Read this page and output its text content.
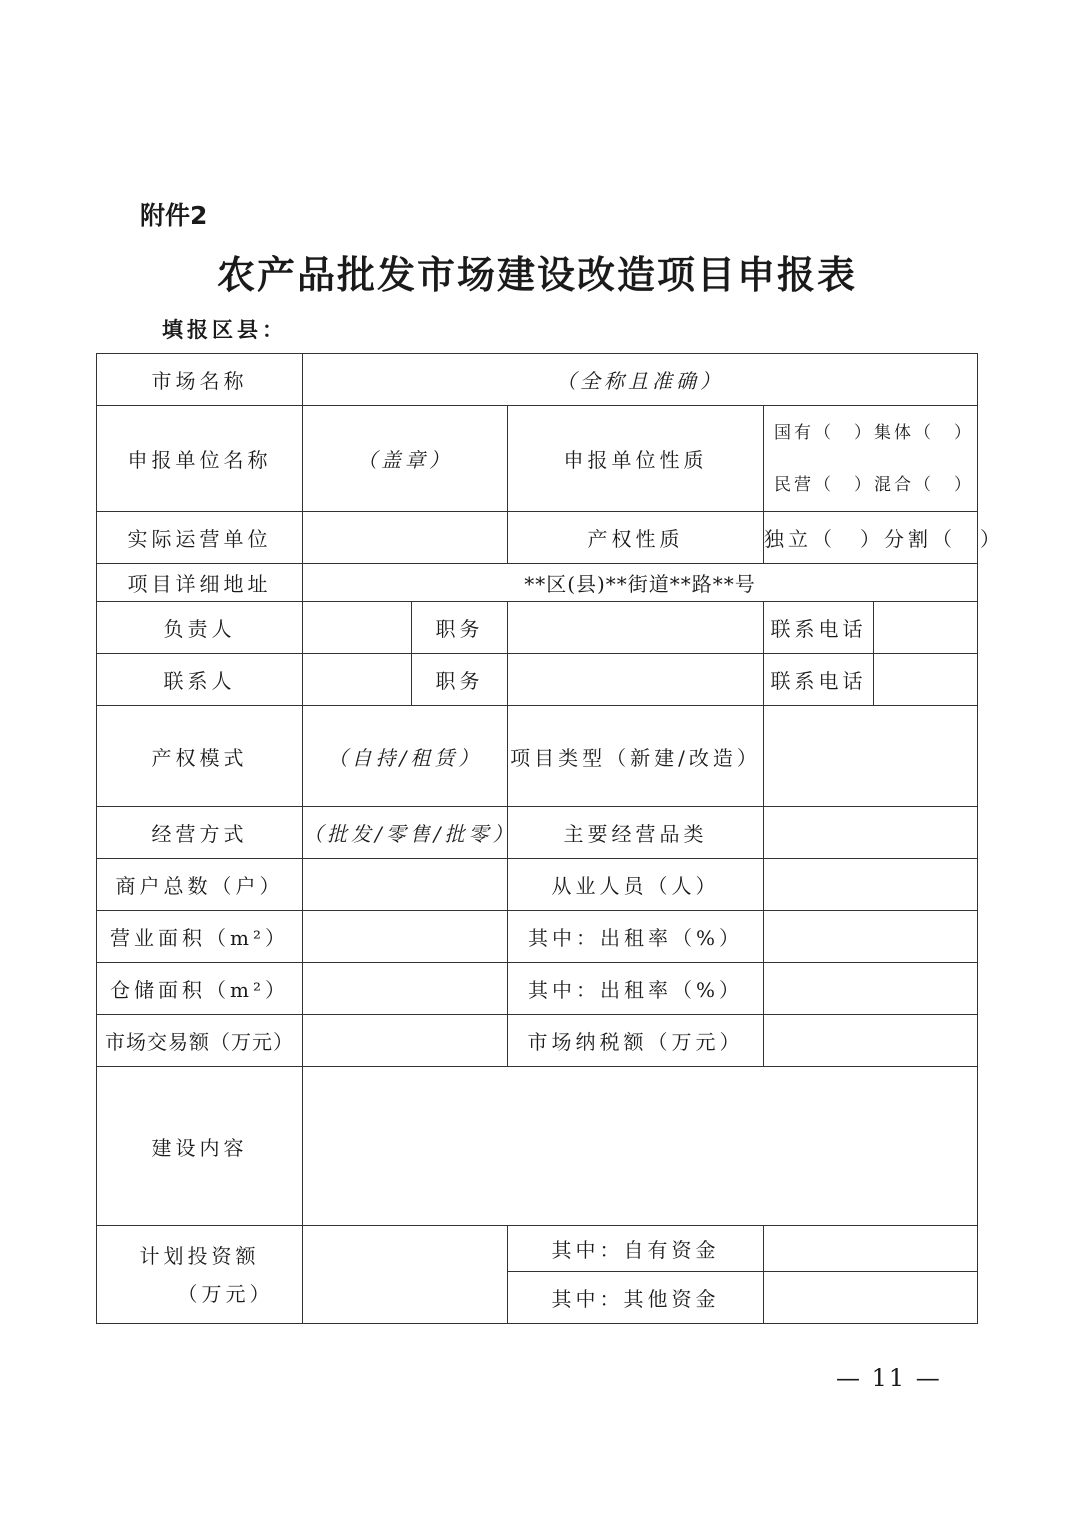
附件2
农产品批发市场建设改造项目申报表
填报区县：
市场名称	（全称且准确）				
申报单位名称	（盖章）		申报单位性质	国有（　）集体（　）
民营（　）混合（　）	

实际运营单位			产权性质	独立（　）分割（　）	
项目详细地址	**区(县)**街道**路**号				
负责人		职务		联系电话	
联系人		职务		联系电话	
产权模式	（自持/租赁）		项目类型（新建/改造）		
经营方式	（批发/零售/批零）		主要经营品类		
商户总数（户）			从业人员（人）		
营业面积（m²）			其中：出租率（%）		
仓储面积（m²）			其中：出租率（%）		
市场交易额（万元）			市场纳税额（万元）		
建设内容					

计划投资额
（万元）			其中：自有资金		
			其中：其他资金		
— 11 —
